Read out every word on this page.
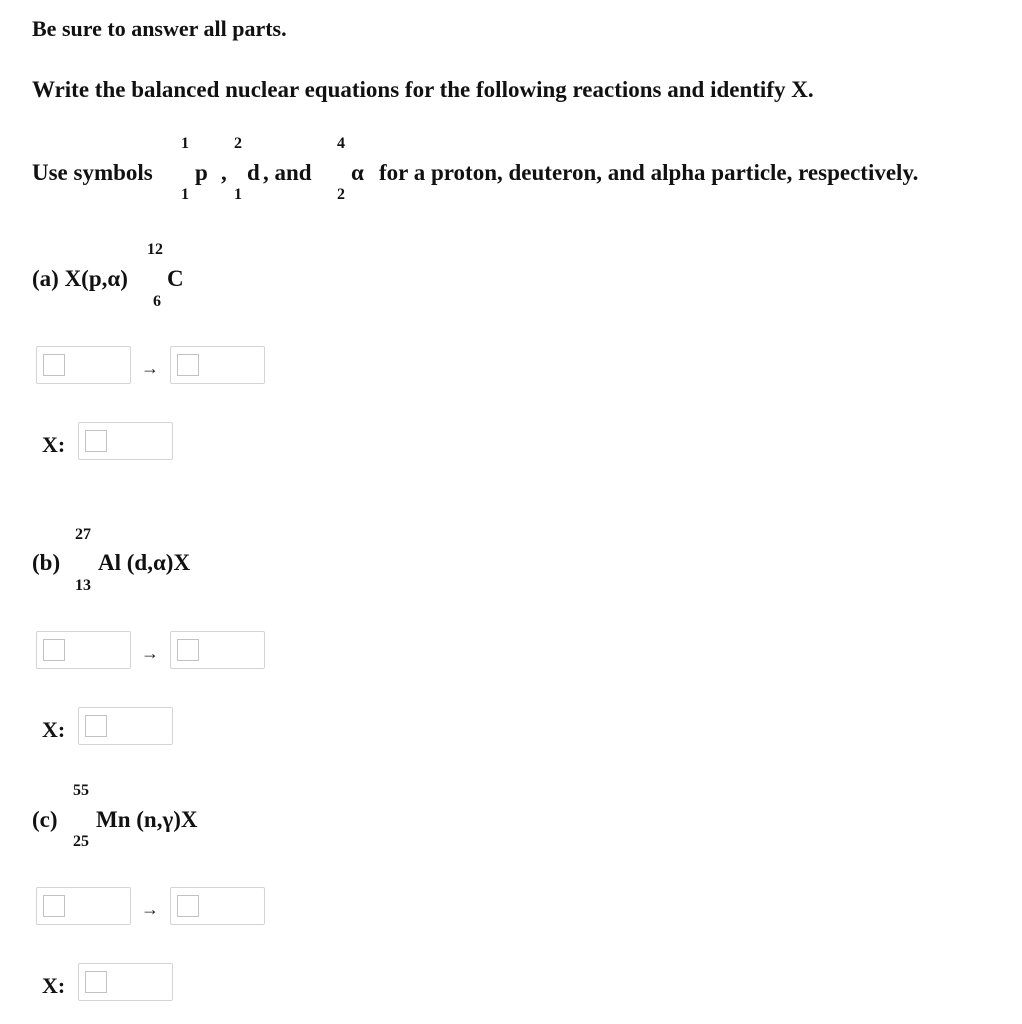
Be sure to answer all parts.
Write the balanced nuclear equations for the following reactions and identify X.
Use symbols
1
1
p ,
2
1
d , and
4
2
α for a proton, deuteron, and alpha particle, respectively.
(a) X(p,α)
12
6
C
→
X:
(b)
27
13
Al (d,α)X
→
X:
(c)
55
25
Mn (n,γ)X
→
X:
